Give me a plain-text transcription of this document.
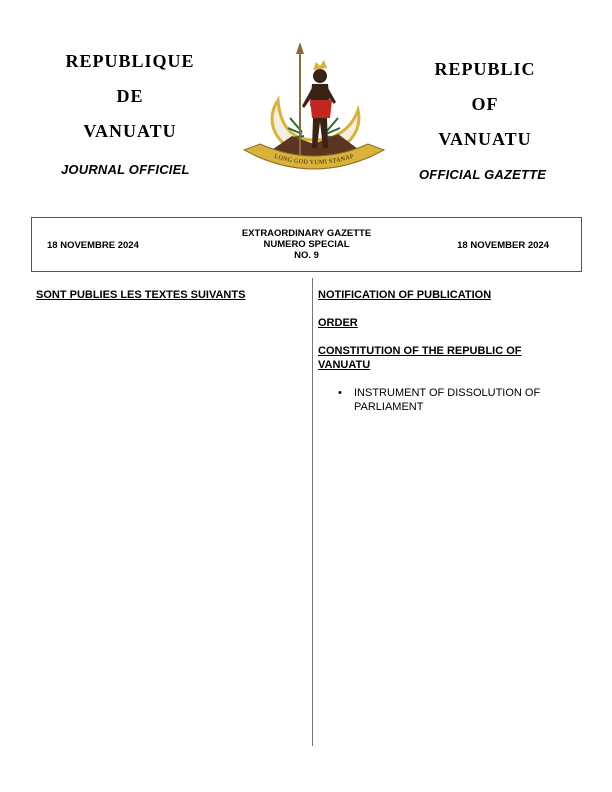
REPUBLIQUE
DE
VANUATU
JOURNAL OFFICIEL
REPUBLIC
OF
VANUATU
OFFICIAL GAZETTE
LONG GOD YUMI STANAP
18 NOVEMBRE 2024
EXTRAORDINARY GAZETTE
NUMERO SPECIAL
NO. 9
18 NOVEMBER 2024
SONT PUBLIES LES TEXTES SUIVANTS	NOTIFICATION OF PUBLICATION
ORDER
CONSTITUTION OF THE REPUBLIC OF VANUATU
• INSTRUMENT OF DISSOLUTION OF PARLIAMENT
